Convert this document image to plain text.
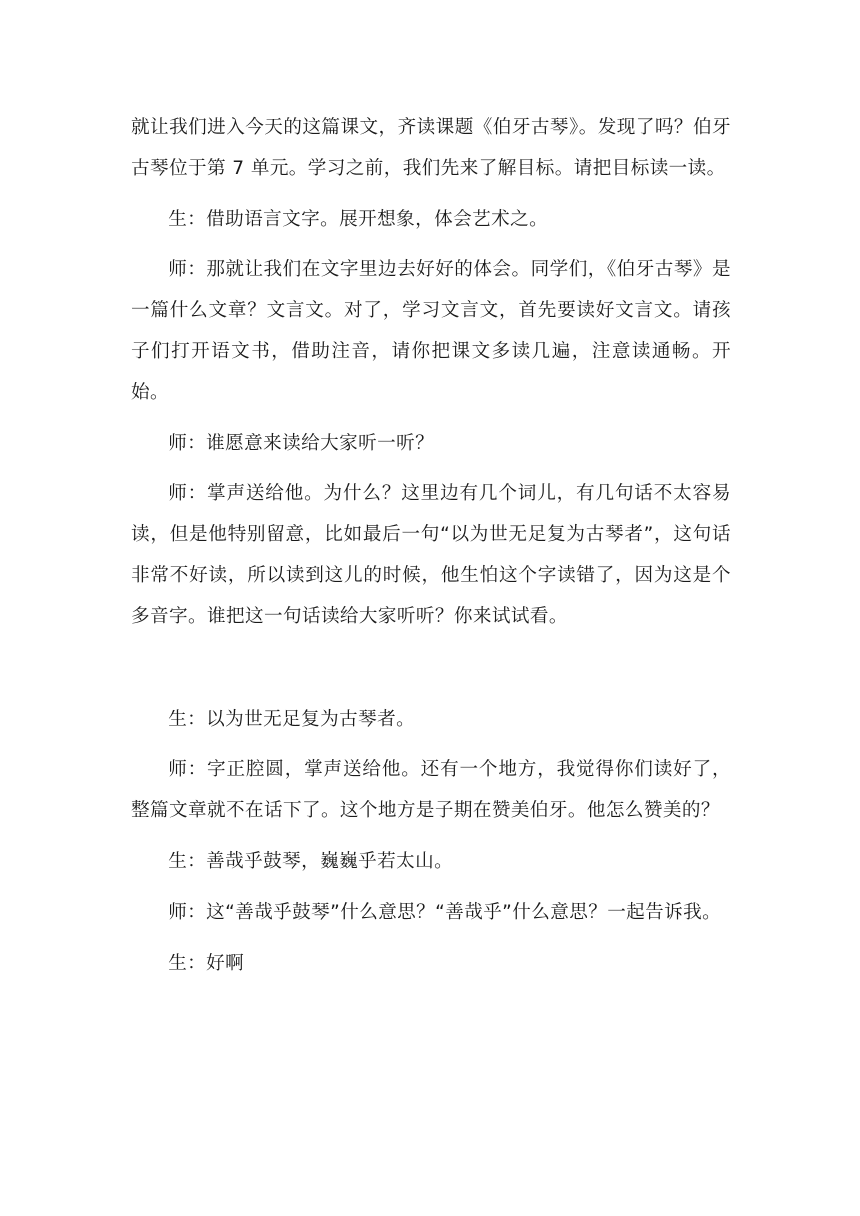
就让我们进入今天的这篇课文，齐读课题《伯牙古琴》。发现了吗？伯牙古琴位于第 7 单元。学习之前，我们先来了解目标。请把目标读一读。

生：借助语言文字。展开想象，体会艺术之。

师：那就让我们在文字里边去好好的体会。同学们，《伯牙古琴》是一篇什么文章？文言文。对了，学习文言文，首先要读好文言文。请孩子们打开语文书，借助注音，请你把课文多读几遍，注意读通畅。开始。

师：谁愿意来读给大家听一听？

师：掌声送给他。为什么？这里边有几个词儿，有几句话不太容易读，但是他特别留意，比如最后一句“以为世无足复为古琴者”，这句话非常不好读，所以读到这儿的时候，他生怕这个字读错了，因为这是个多音字。谁把这一句话读给大家听听？你来试试看。

生：以为世无足复为古琴者。

师：字正腔圆，掌声送给他。还有一个地方，我觉得你们读好了，整篇文章就不在话下了。这个地方是子期在赞美伯牙。他怎么赞美的？

生：善哉乎鼓琴，巍巍乎若太山。

师：这“善哉乎鼓琴”什么意思？“善哉乎”什么意思？一起告诉我。

生：好啊
